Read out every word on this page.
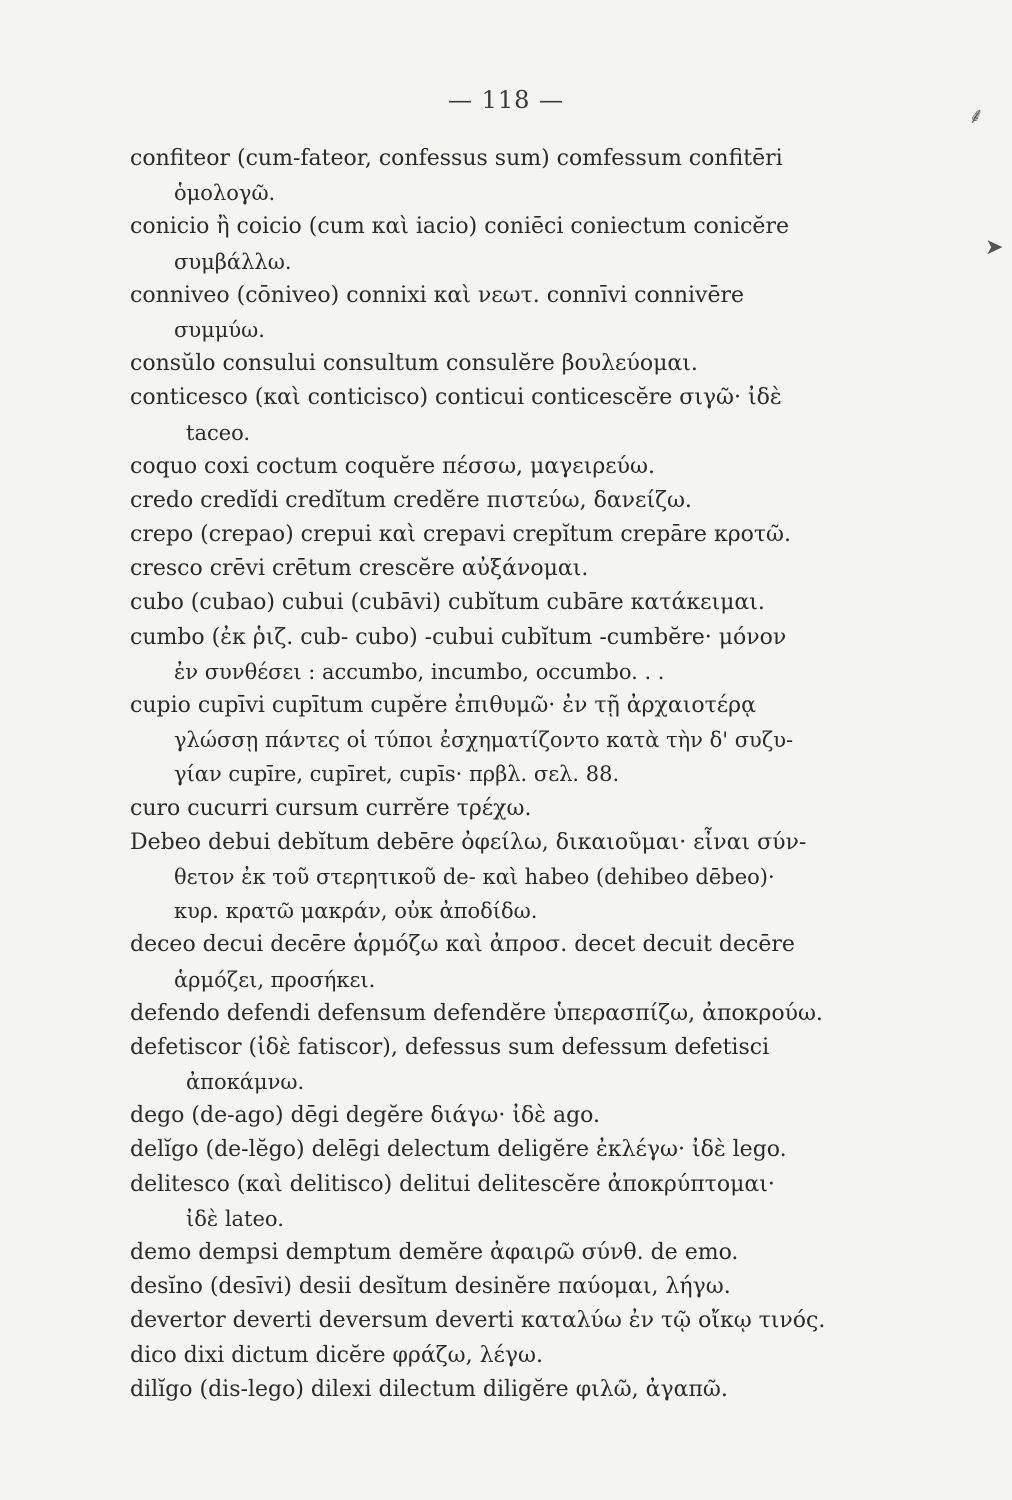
— 118 —
confiteor (cum-fateor, confessus sum) comfessum confitēri
ὁμολογῶ.
conicio ἢ coicio (cum καὶ iacio) coniēci coniectum conicĕre
συμβάλλω.
conniveo (cōniveo) connixi καὶ νεωτ. connīvi connivēre
συμμύω.
consŭlo consului consultum consulĕre βουλεύομαι.
conticesco (καὶ conticisco) conticui conticescĕre σιγῶ· ἰδὲ
taceo.
coquo coxi coctum coquĕre πέσσω, μαγειρεύω.
credo credĭdi credĭtum credĕre πιστεύω, δανείζω.
crepo (crepao) crepui καὶ crepavi crepĭtum crepāre κροτῶ.
cresco crēvi crētum crescĕre αὐξάνομαι.
cubo (cubao) cubui (cubāvi) cubĭtum cubāre κατάκειμαι.
cumbo (ἐκ ῥιζ. cub- cubo) -cubui cubĭtum -cumbĕre· μόνον
ἐν συνθέσει : accumbo, incumbo, occumbo. . .
cupio cupīvi cupītum cupĕre ἐπιθυμῶ· ἐν τῇ ἀρχαιοτέρᾳ
γλώσσῃ πάντες οἱ τύποι ἐσχηματίζοντο κατὰ τὴν δ' συζυ-
γίαν cupīre, cupīret, cupīs· πρβλ. σελ. 88.
curo cucurri cursum currĕre τρέχω.
Debeo debui debĭtum debēre ὀφείλω, δικαιοῦμαι· εἶναι σύν-
θετον ἐκ τοῦ στερητικοῦ de- καὶ habeo (dehibeo dēbeo)·
κυρ. κρατῶ μακράν, οὐκ ἀποδίδω.
deceo decui decēre ἁρμόζω καὶ ἀπροσ. decet decuit decēre
ἁρμόζει, προσήκει.
defendo defendi defensum defendĕre ὑπερασπίζω, ἀποκρούω.
defetiscor (ἰδὲ fatiscor), defessus sum defessum defetisci
ἀποκάμνω.
dego (de-ago) dēgi degĕre διάγω· ἰδὲ ago.
delĭgo (de-lĕgo) delēgi delectum deligĕre ἐκλέγω· ἰδὲ lego.
delitesco (καὶ delitisco) delitui delitescĕre ἀποκρύπτομαι·
ἰδὲ lateo.
demo dempsi demptum demĕre ἀφαιρῶ σύνθ. de emo.
desĭno (desīvi) desii desĭtum desinĕre παύομαι, λήγω.
devertor deverti deversum deverti καταλύω ἐν τῷ οἴκῳ τινός.
dico dixi dictum dicĕre φράζω, λέγω.
dilĭgo (dis-lego) dilexi dilectum diligĕre φιλῶ, ἀγαπῶ.
⸙
➤
